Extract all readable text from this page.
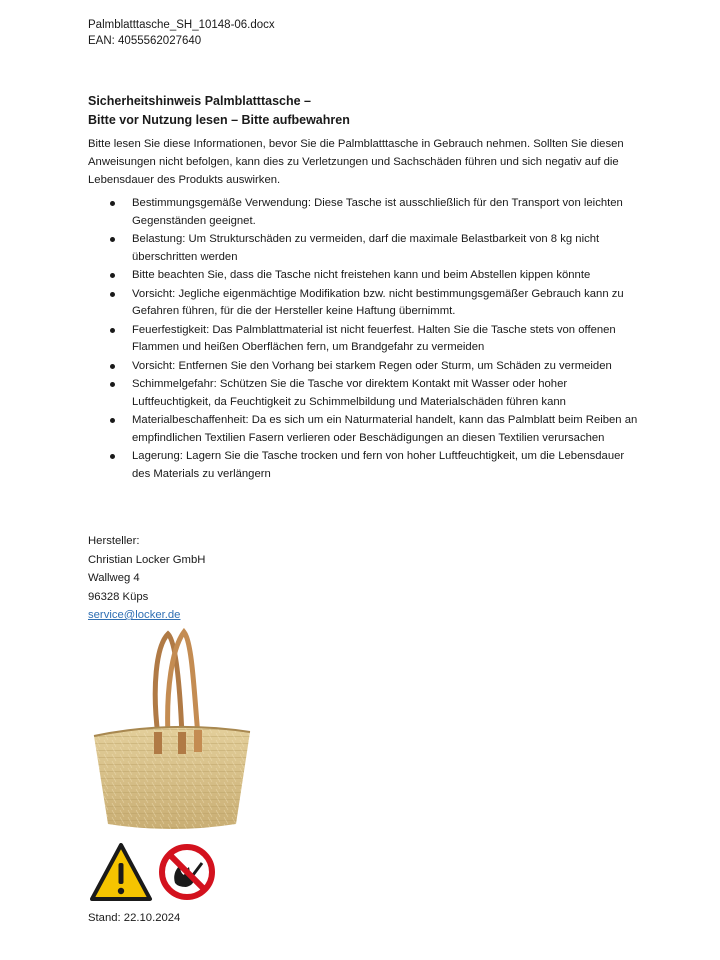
Palmblatttasche_SH_10148-06.docx
EAN: 4055562027640
Sicherheitshinweis Palmblatttasche –
Bitte vor Nutzung lesen – Bitte aufbewahren
Bitte lesen Sie diese Informationen, bevor Sie die Palmblatttasche in Gebrauch nehmen. Sollten Sie diesen Anweisungen nicht befolgen, kann dies zu Verletzungen und Sachschäden führen und sich negativ auf die Lebensdauer des Produkts auswirken.
Bestimmungsgemäße Verwendung: Diese Tasche ist ausschließlich für den Transport von leichten Gegenständen geeignet.
Belastung: Um Strukturschäden zu vermeiden, darf die maximale Belastbarkeit von 8 kg nicht überschritten werden
Bitte beachten Sie, dass die Tasche nicht freistehen kann und beim Abstellen kippen könnte
Vorsicht: Jegliche eigenmächtige Modifikation bzw. nicht bestimmungsgemäßer Gebrauch kann zu Gefahren führen, für die der Hersteller keine Haftung übernimmt.
Feuerfestigkeit: Das Palmblattmaterial ist nicht feuerfest. Halten Sie die Tasche stets von offenen Flammen und heißen Oberflächen fern, um Brandgefahr zu vermeiden
Vorsicht: Entfernen Sie den Vorhang bei starkem Regen oder Sturm, um Schäden zu vermeiden
Schimmelgefahr: Schützen Sie die Tasche vor direktem Kontakt mit Wasser oder hoher Luftfeuchtigkeit, da Feuchtigkeit zu Schimmelbildung und Materialschäden führen kann
Materialbeschaffenheit: Da es sich um ein Naturmaterial handelt, kann das Palmblatt beim Reiben an empfindlichen Textilien Fasern verlieren oder Beschädigungen an diesen Textilien verursachen
Lagerung: Lagern Sie die Tasche trocken und fern von hoher Luftfeuchtigkeit, um die Lebensdauer des Materials zu verlängern
Hersteller:
Christian Locker GmbH
Wallweg 4
96328 Küps
service@locker.de
Stand: 22.10.2024
